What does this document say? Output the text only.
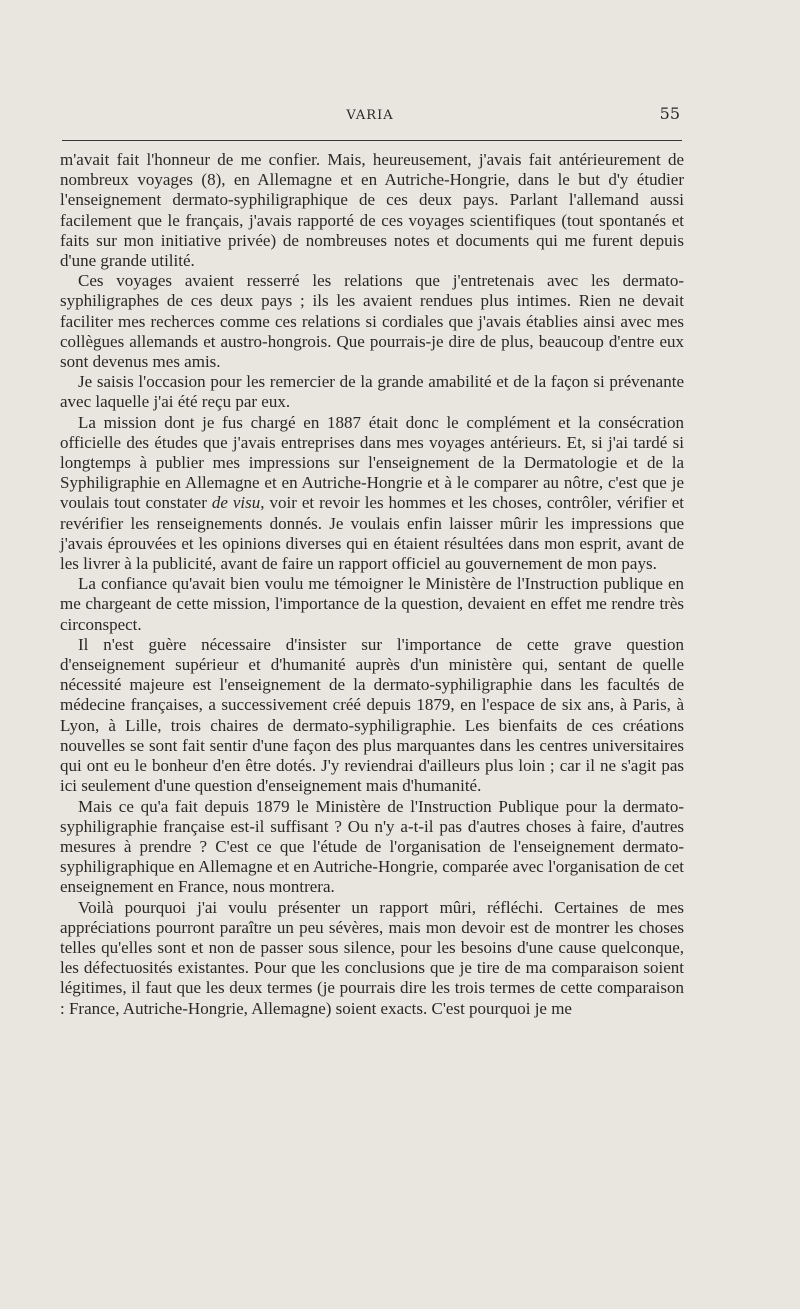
VARIA	55

m'avait fait l'honneur de me confier. Mais, heureusement, j'avais fait antérieurement de nombreux voyages (8), en Allemagne et en Autriche-Hongrie, dans le but d'y étudier l'enseignement dermato-syphiligraphique de ces deux pays. Parlant l'allemand aussi facilement que le français, j'avais rapporté de ces voyages scientifiques (tout spontanés et faits sur mon initiative privée) de nombreuses notes et documents qui me furent depuis d'une grande utilité.

Ces voyages avaient resserré les relations que j'entretenais avec les dermato-syphiligraphes de ces deux pays ; ils les avaient rendues plus intimes. Rien ne devait faciliter mes recherces comme ces relations si cordiales que j'avais établies ainsi avec mes collègues allemands et austro-hongrois. Que pourrais-je dire de plus, beaucoup d'entre eux sont devenus mes amis.

Je saisis l'occasion pour les remercier de la grande amabilité et de la façon si prévenante avec laquelle j'ai été reçu par eux.

La mission dont je fus chargé en 1887 était donc le complément et la consécration officielle des études que j'avais entreprises dans mes voyages antérieurs. Et, si j'ai tardé si longtemps à publier mes impressions sur l'enseignement de la Dermatologie et de la Syphiligraphie en Allemagne et en Autriche-Hongrie et à le comparer au nôtre, c'est que je voulais tout constater de visu, voir et revoir les hommes et les choses, contrôler, vérifier et revérifier les renseignements donnés. Je voulais enfin laisser mûrir les impressions que j'avais éprouvées et les opinions diverses qui en étaient résultées dans mon esprit, avant de les livrer à la publicité, avant de faire un rapport officiel au gouvernement de mon pays.

La confiance qu'avait bien voulu me témoigner le Ministère de l'Instruction publique en me chargeant de cette mission, l'importance de la question, devaient en effet me rendre très circonspect.

Il n'est guère nécessaire d'insister sur l'importance de cette grave question d'enseignement supérieur et d'humanité auprès d'un ministère qui, sentant de quelle nécessité majeure est l'enseignement de la dermato-syphiligraphie dans les facultés de médecine françaises, a successivement créé depuis 1879, en l'espace de six ans, à Paris, à Lyon, à Lille, trois chaires de dermato-syphiligraphie. Les bienfaits de ces créations nouvelles se sont fait sentir d'une façon des plus marquantes dans les centres universitaires qui ont eu le bonheur d'en être dotés. J'y reviendrai d'ailleurs plus loin ; car il ne s'agit pas ici seulement d'une question d'enseignement mais d'humanité.

Mais ce qu'a fait depuis 1879 le Ministère de l'Instruction Publique pour la dermato-syphiligraphie française est-il suffisant ? Ou n'y a-t-il pas d'autres choses à faire, d'autres mesures à prendre ? C'est ce que l'étude de l'organisation de l'enseignement dermato-syphiligraphique en Allemagne et en Autriche-Hongrie, comparée avec l'organisation de cet enseignement en France, nous montrera.

Voilà pourquoi j'ai voulu présenter un rapport mûri, réfléchi. Certaines de mes appréciations pourront paraître un peu sévères, mais mon devoir est de montrer les choses telles qu'elles sont et non de passer sous silence, pour les besoins d'une cause quelconque, les défectuosités existantes. Pour que les conclusions que je tire de ma comparaison soient légitimes, il faut que les deux termes (je pourrais dire les trois termes de cette comparaison : France, Autriche-Hongrie, Allemagne) soient exacts. C'est pourquoi je me
